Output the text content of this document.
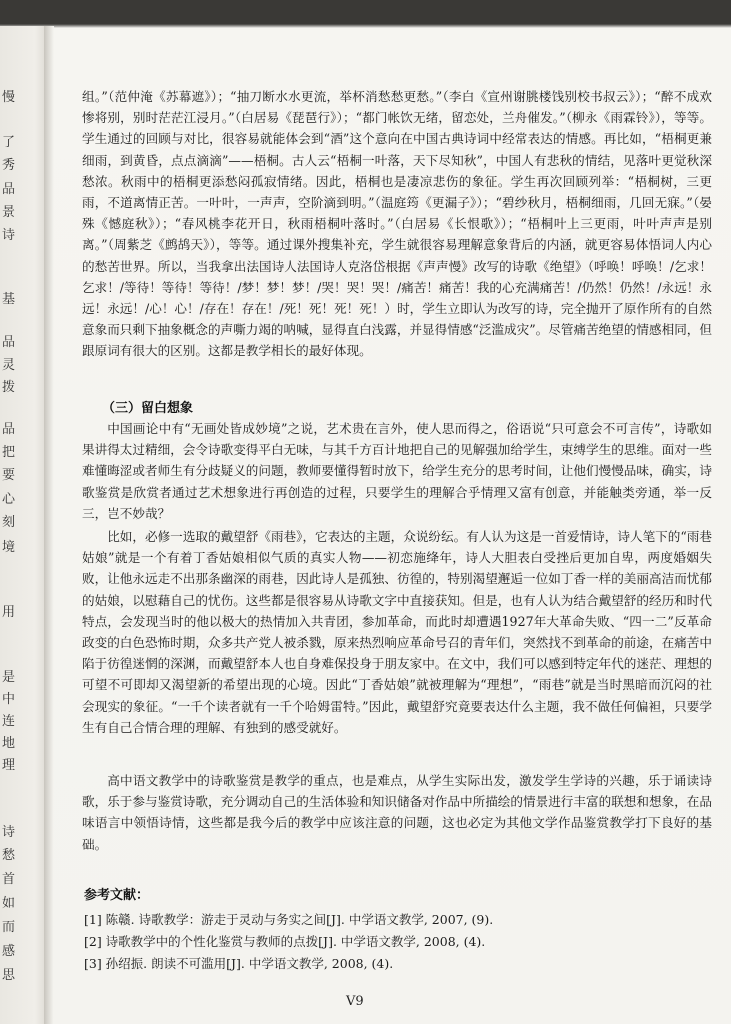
慢
了
秀
品
景
诗
基
品
灵
拨
品
把
要
心
刻
境
用
是
中
连
地
理
诗
愁
首
如
而
感
思

组。”（范仲淹《苏幕遮》）；“抽刀断水水更流，举杯消愁愁更愁。”（李白《宣州谢朓楼饯别校书叔云》）；“醉不成欢惨将别，别时茫茫江浸月。”（白居易《琵琶行》）；“都门帐饮无绪，留恋处，兰舟催发。”（柳永《雨霖铃》），等等。学生通过的回顾与对比，很容易就能体会到“酒”这个意向在中国古典诗词中经常表达的情感。再比如，“梧桐更兼细雨，到黄昏，点点滴滴”——梧桐。古人云“梧桐一叶落，天下尽知秋”，中国人有悲秋的情结，见落叶更觉秋深愁浓。秋雨中的梧桐更添愁闷孤寂情绪。因此，梧桐也是凄凉悲伤的象征。学生再次回顾列举：“梧桐树，三更雨，不道离情正苦。一叶叶，一声声，空阶滴到明。”（温庭筠《更漏子》）；“碧纱秋月，梧桐细雨，几回无寐。”（晏殊《憾庭秋》）；“春风桃李花开日，秋雨梧桐叶落时。”（白居易《长恨歌》）；“梧桐叶上三更雨，叶叶声声是别离。”（周紫芝《鹧鸪天》），等等。通过课外搜集补充，学生就很容易理解意象背后的内涵，就更容易体悟词人内心的愁苦世界。所以，当我拿出法国诗人法国诗人克洛岱根据《声声慢》改写的诗歌《绝望》（呼唤！呼唤！/乞求！乞求！/等待！等待！等待！/梦！梦！梦！/哭！哭！哭！/痛苦！痛苦！我的心充满痛苦！/仍然！仍然！/永远！永远！永远！/心！心！/存在！存在！/死！死！死！死！）时，学生立即认为改写的诗，完全抛开了原作所有的自然意象而只剩下抽象概念的声嘶力竭的呐喊，显得直白浅露，并显得情感“泛滥成灾”。尽管痛苦绝望的情感相同，但跟原词有很大的区别。这都是教学相长的最好体现。

（三）留白想象

中国画论中有“无画处皆成妙境”之说，艺术贵在言外，使人思而得之，俗语说“只可意会不可言传”，诗歌如果讲得太过精细，会令诗歌变得平白无味，与其千方百计地把自己的见解强加给学生，束缚学生的思维。面对一些难懂晦涩或者师生有分歧疑义的问题，教师要懂得暂时放下，给学生充分的思考时间，让他们慢慢品味，确实，诗歌鉴赏是欣赏者通过艺术想象进行再创造的过程，只要学生的理解合乎情理又富有创意，并能触类旁通，举一反三，岂不妙哉？

比如，必修一选取的戴望舒《雨巷》，它表达的主题，众说纷纭。有人认为这是一首爱情诗，诗人笔下的“雨巷姑娘”就是一个有着丁香姑娘相似气质的真实人物——初恋施绛年，诗人大胆表白受挫后更加自卑，两度婚姻失败，让他永远走不出那条幽深的雨巷，因此诗人是孤独、彷徨的，特别渴望邂逅一位如丁香一样的美丽高洁而忧郁的姑娘，以慰藉自己的忧伤。这些都是很容易从诗歌文字中直接获知。但是，也有人认为结合戴望舒的经历和时代特点，会发现当时的他以极大的热情加入共青团，参加革命，而此时却遭遇1927年大革命失败、“四一二”反革命政变的白色恐怖时期，众多共产党人被杀戮，原来热烈响应革命号召的青年们，突然找不到革命的前途，在痛苦中陷于彷徨迷惘的深渊，而戴望舒本人也自身难保投身于朋友家中。在文中，我们可以感到特定年代的迷茫、理想的可望不可即却又渴望新的希望出现的心境。因此“丁香姑娘”就被理解为“理想”，“雨巷”就是当时黑暗而沉闷的社会现实的象征。“一千个读者就有一千个哈姆雷特。”因此，戴望舒究竟要表达什么主题，我不做任何偏袒，只要学生有自己合情合理的理解、有独到的感受就好。

高中语文教学中的诗歌鉴赏是教学的重点，也是难点，从学生实际出发，激发学生学诗的兴趣，乐于诵读诗歌，乐于参与鉴赏诗歌，充分调动自己的生活体验和知识储备对作品中所描绘的情景进行丰富的联想和想象，在品味语言中领悟诗情，这些都是我今后的教学中应该注意的问题，这也必定为其他文学作品鉴赏教学打下良好的基础。

参考文献：
[1] 陈赣. 诗歌教学：游走于灵动与务实之间[J]. 中学语文教学, 2007, (9).
[2] 诗歌教学中的个性化鉴赏与教师的点拨[J]. 中学语文教学, 2008, (4).
[3] 孙绍振. 朗读不可滥用[J]. 中学语文教学, 2008, (4).
V9
